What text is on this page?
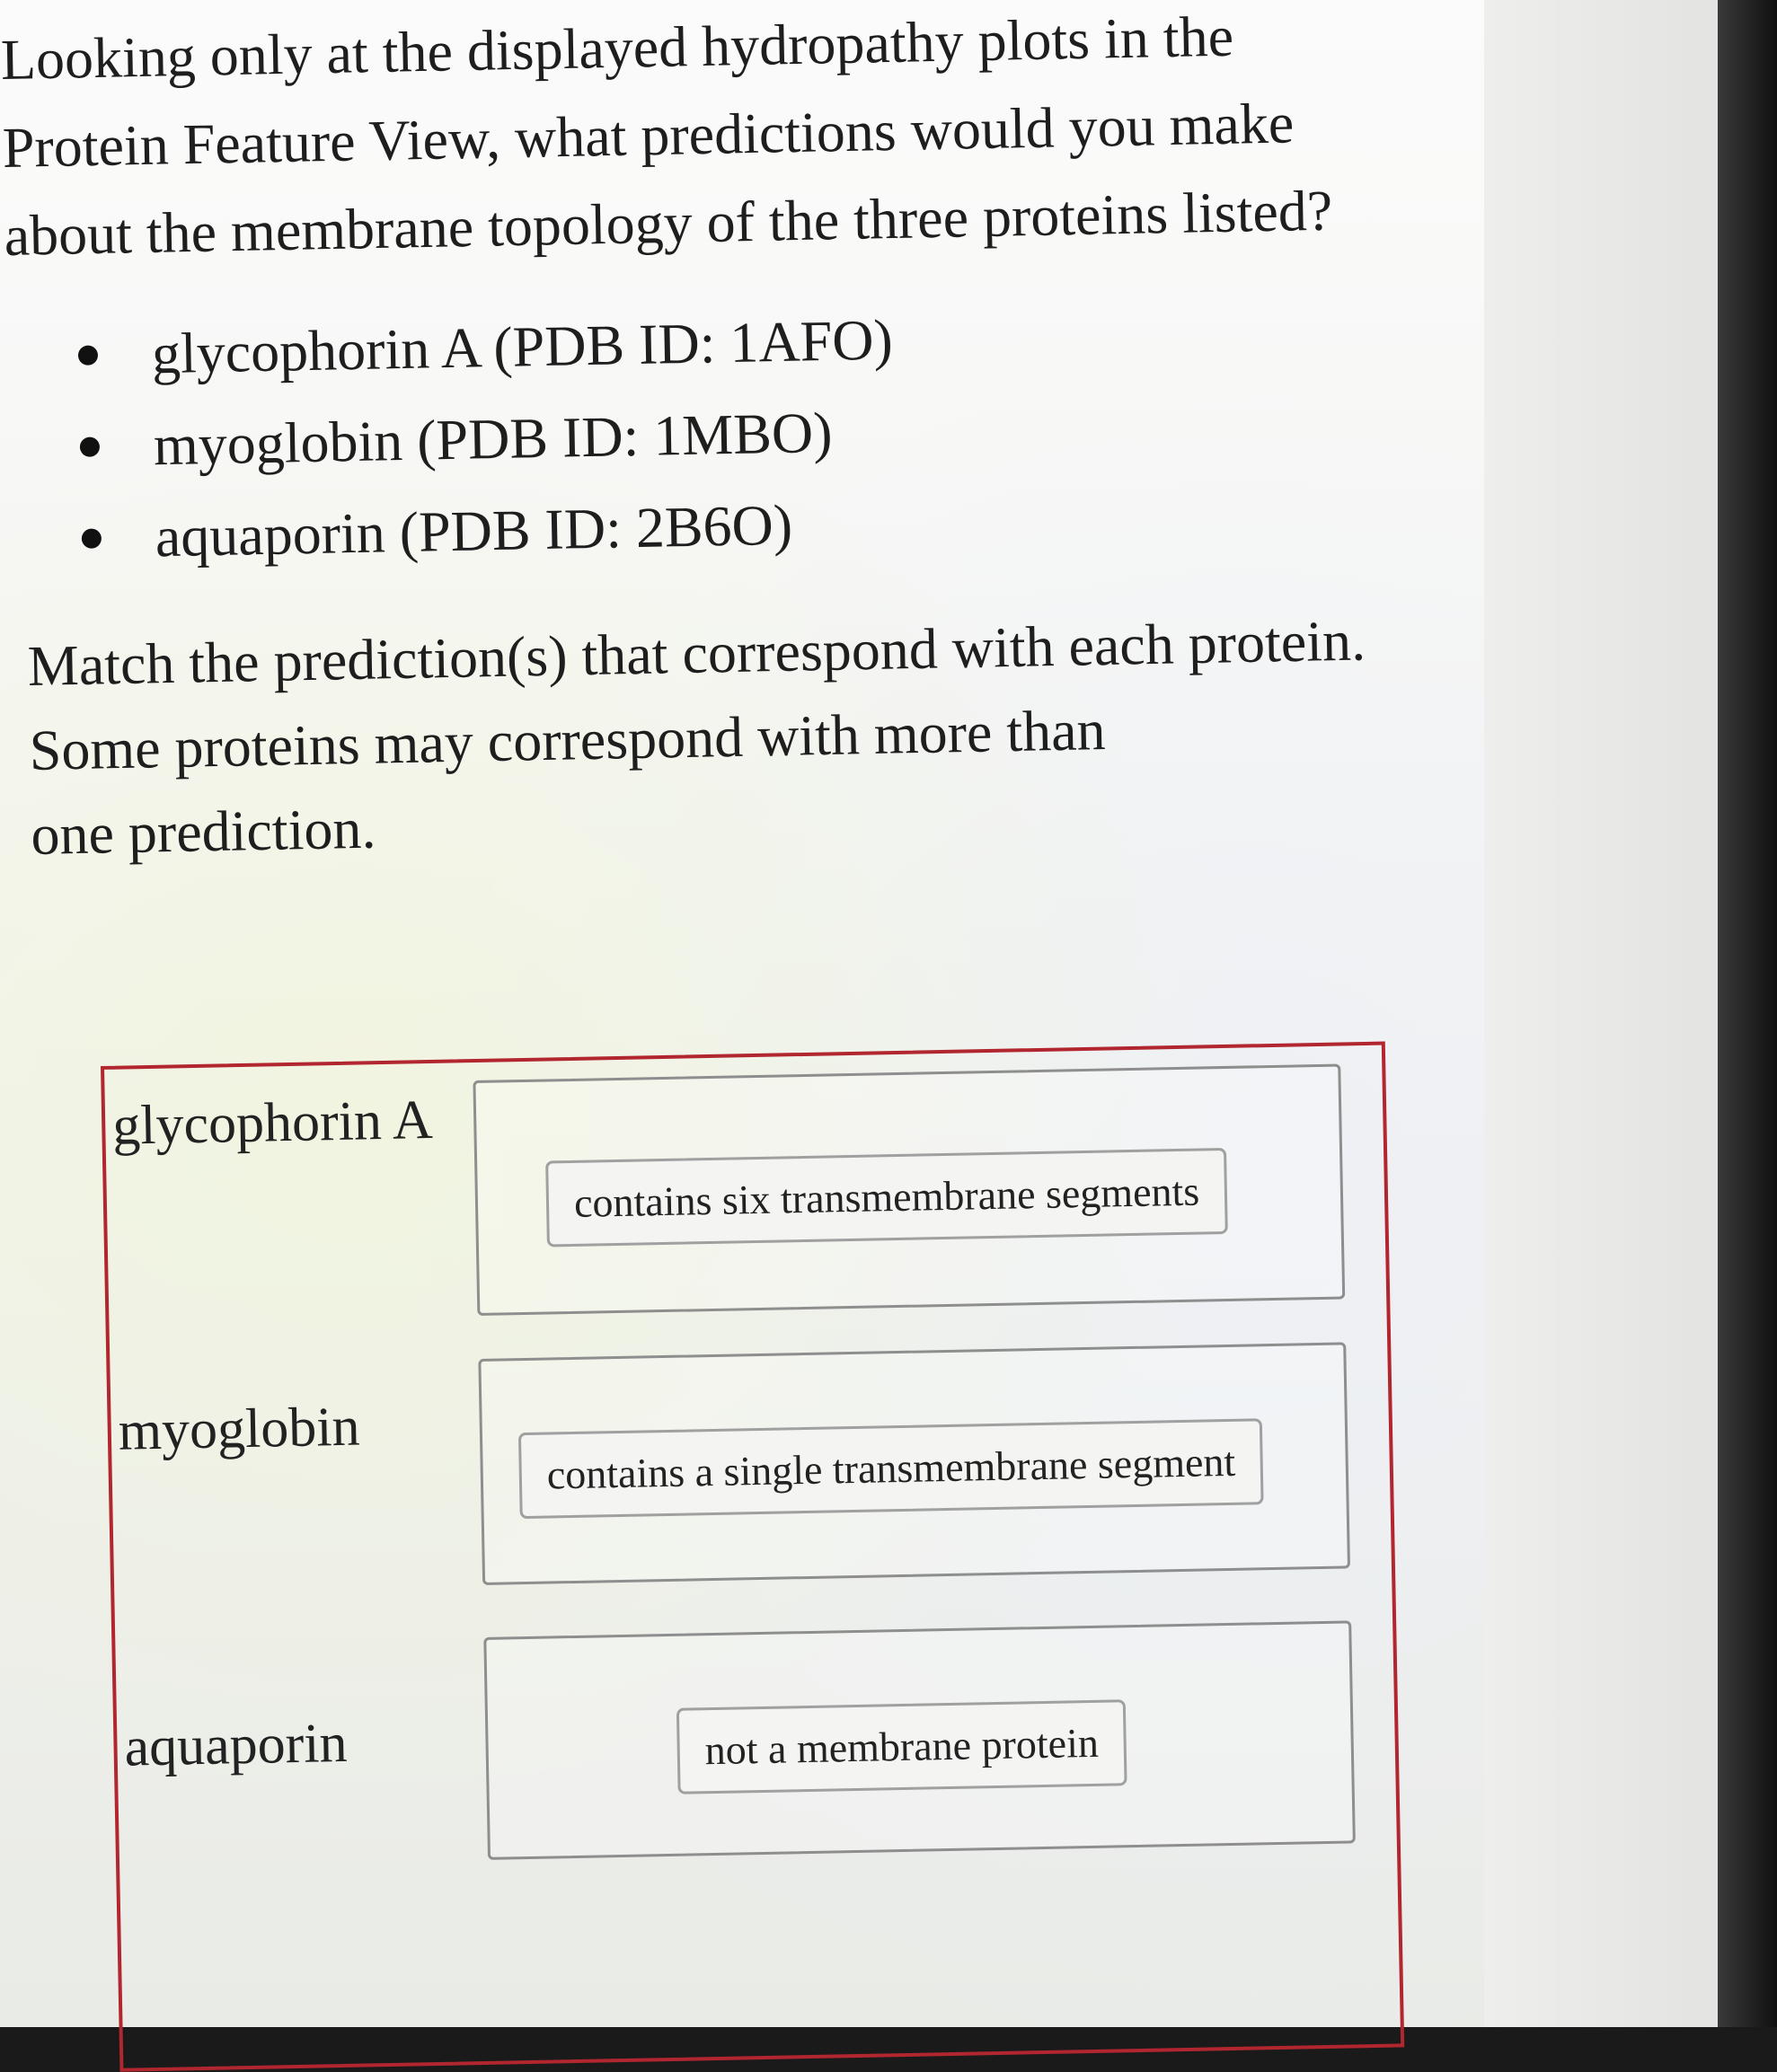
Looking only at the displayed hydropathy plots in the
Protein Feature View, what predictions would you make
about the membrane topology of the three proteins listed?

glycophorin A (PDB ID: 1AFO)
myoglobin (PDB ID: 1MBO)
aquaporin (PDB ID: 2B6O)

Match the prediction(s) that correspond with each protein.

Some proteins may correspond with more than

one prediction.

glycophorin A
contains six transmembrane segments
myoglobin
contains a single transmembrane segment
aquaporin	not a membrane protein
